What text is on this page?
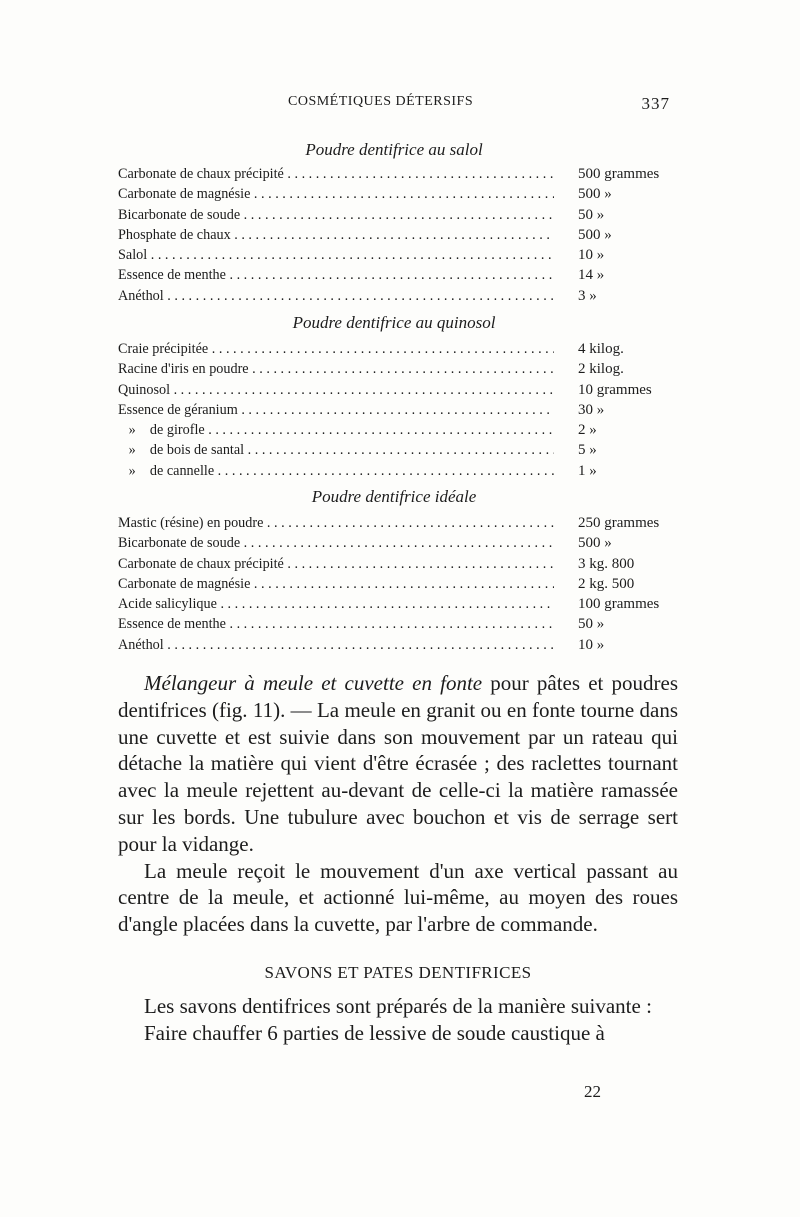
COSMÉTIQUES DÉTERSIFS	337
Poudre dentifrice au salol
Carbonate de chaux précipité . . .	500 grammes
Carbonate de magnésie . . .	500 »
Bicarbonate de soude . . .	50 »
Phosphate de chaux . . .	500 »
Salol . . .	10 »
Essence de menthe . . .	14 »
Anéthol . . .	3 »
Poudre dentifrice au quinosol
Craie précipitée . . .	4 kilog.
Racine d'iris en poudre . . .	2 kilog.
Quinosol . . .	10 grammes
Essence de géranium . . .	30 »
»    de girofle . . .	2 »
»    de bois de santal . . .	5 »
»    de cannelle . . .	1 »
Poudre dentifrice idéale
Mastic (résine) en poudre . . .	250 grammes
Bicarbonate de soude . . .	500 »
Carbonate de chaux précipité . . .	3 kg. 800
Carbonate de magnésie . . .	2 kg. 500
Acide salicylique . . .	100 grammes
Essence de menthe . . .	50 »
Anéthol . . .	10 »

Mélangeur à meule et cuvette en fonte pour pâtes et poudres dentifrices (fig. 11). — La meule en granit ou en fonte tourne dans une cuvette et est suivie dans son mouvement par un rateau qui détache la matière qui vient d'être écrasée ; des raclettes tournant avec la meule rejettent au-devant de celle-ci la matière ramassée sur les bords. Une tubulure avec bouchon et vis de serrage sert pour la vidange.

La meule reçoit le mouvement d'un axe vertical passant au centre de la meule, et actionné lui-même, au moyen des roues d'angle placées dans la cuvette, par l'arbre de commande.

SAVONS ET PATES DENTIFRICES

Les savons dentifrices sont préparés de la manière suivante :

Faire chauffer 6 parties de lessive de soude caustique à

22
